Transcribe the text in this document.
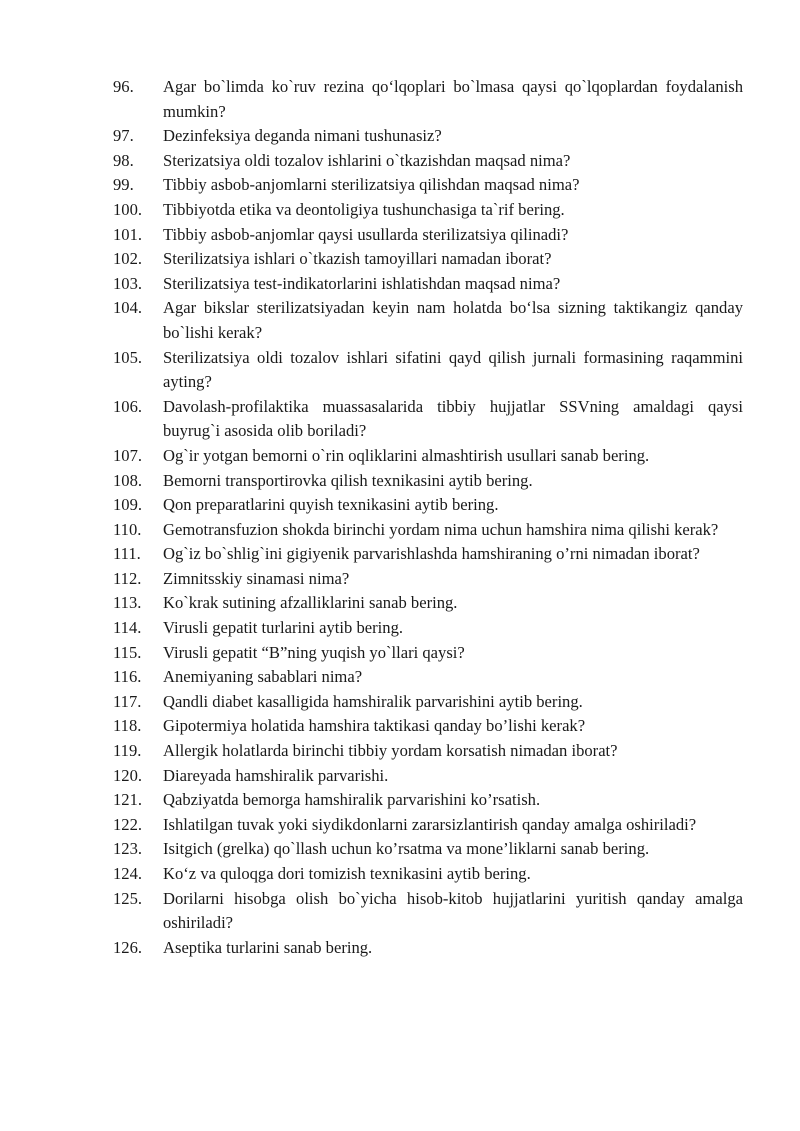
96.	Agar bo`limda ko`ruv rezina qo‘lqoplari bo`lmasa qaysi qo`lqoplardan foydalanish mumkin?
97.	Dezinfeksiya deganda nimani tushunasiz?
98.	Sterizatsiya oldi tozalov ishlarini o`tkazishdan maqsad nima?
99.	Tibbiy asbob-anjomlarni sterilizatsiya qilishdan maqsad nima?
100.	Tibbiyotda etika va deontoligiya tushunchasiga ta`rif bering.
101.	Tibbiy asbob-anjomlar qaysi usullarda sterilizatsiya qilinadi?
102.	Sterilizatsiya ishlari o`tkazish tamoyillari namadan iborat?
103.	Sterilizatsiya test-indikatorlarini ishlatishdan maqsad nima?
104.	Agar bikslar sterilizatsiyadan keyin nam holatda bo‘lsa sizning taktikangiz qanday bo`lishi kerak?
105.	Sterilizatsiya oldi tozalov ishlari sifatini qayd qilish jurnali formasining raqammini ayting?
106.	Davolash-profilaktika muassasalarida tibbiy hujjatlar SSVning amaldagi qaysi buyrug`i asosida olib boriladi?
107.	Og`ir yotgan bemorni o`rin oqliklarini almashtirish usullari sanab bering.
108.	Bemorni transportirovka qilish texnikasini aytib bering.
109.	Qon preparatlarini quyish texnikasini aytib bering.
110.	Gemotransfuzion shokda birinchi yordam nima uchun hamshira nima qilishi kerak?
111.	Og`iz bo`shlig`ini gigiyenik parvarishlashda hamshiraning o’rni nimadan iborat?
112.	Zimnitsskiy sinamasi nima?
113.	Ko`krak sutining afzalliklarini sanab bering.
114.	Virusli gepatit turlarini aytib bering.
115.	Virusli gepatit “B”ning yuqish yo`llari qaysi?
116.	Anemiyaning sabablari nima?
117.	Qandli diabet kasalligida hamshiralik parvarishini aytib bering.
118.	Gipotermiya holatida hamshira taktikasi qanday bo’lishi kerak?
119.	Allergik holatlarda birinchi tibbiy yordam korsatish nimadan iborat?
120.	Diareyada hamshiralik parvarishi.
121.	Qabziyatda bemorga hamshiralik parvarishini ko’rsatish.
122.	Ishlatilgan tuvak yoki siydikdonlarni zararsizlantirish qanday amalga oshiriladi?
123.	Isitgich (grelka) qo`llash uchun ko’rsatma va mone’liklarni sanab bering.
124.	Ko‘z va quloqga dori tomizish texnikasini aytib bering.
125.	Dorilarni hisobga olish bo`yicha hisob-kitob hujjatlarini yuritish qanday amalga oshiriladi?
126.	Aseptika turlarini sanab bering.
